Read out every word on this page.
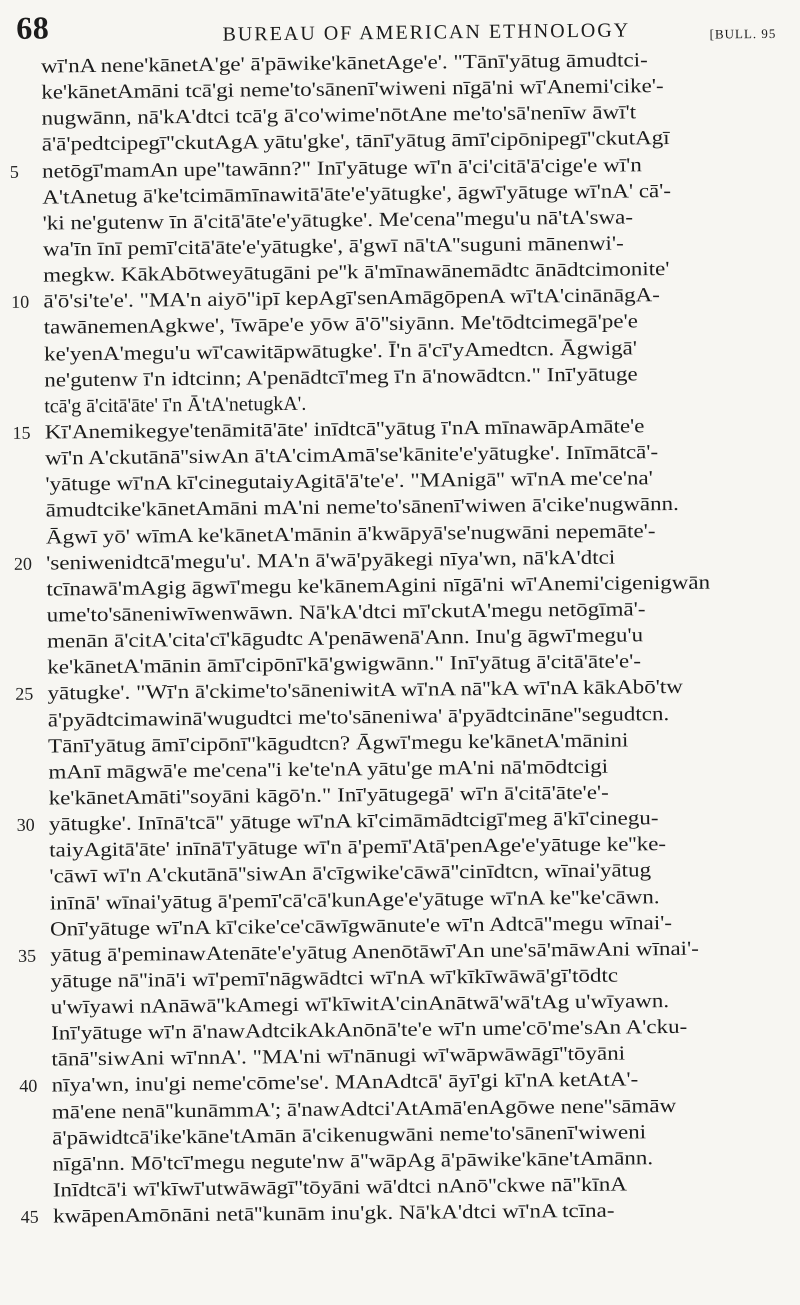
68	BUREAU OF AMERICAN ETHNOLOGY	[BULL. 95
wī'nA nene'kānetA'ge' ā'pāwike'kānetAge'e'. "Tānī'yātug āmudtci-
ke'kānetAmāni tcā'gi neme'to'sānenī'wiweni nīgā'ni wī'Anemi'cike'-
nugwānn, nā'kA'dtci tcā'g ā'co'wime'nōtAne me'to'sā'nenīw āwī't
ā'ā'pedtcipegī''ckutAgA yātu'gke', tānī'yātug āmī'cipōnipegī''ckutAgī
5 netōgī'mamAn upe''tawānn?" Inī'yātuge wī'n ā'ci'citā'ā'cige'e wī'n
A'tAnetug ā'ke'tcimāmīnawitā'āte'e'yātugke', āgwī'yātuge wī'nA' cā'-
'ki ne'gutenw īn ā'citā'āte'e'yātugke'. Me'cena''megu'u nā'tA'swa-
wa'īn īnī pemī'citā'āte'e'yātugke', ā'gwī nā'tA''suguni mānenwi'-
megkw. KākAbōtweyātugāni pe''k ā'mīnawānemādtc ānādtcimonite'
10 ā'ō'si'te'e'. "MA'n aiyō''ipī kepAgī'senAmāgōpenA wī'tA'cinānāgA-
tawānemenAgkwe', 'īwāpe'e yōw ā'ō''siyānn. Me'tōdtcimegā'pe'e
ke'yenA'megu'u wī'cawitāpwātugke'. Ī'n ā'cī'yAmedtcn. Āgwigā'
ne'gutenw ī'n idtcinn; A'penādtcī'meg ī'n ā'nowādtcn." Inī'yātuge
tcā'g ā'citā'āte' ī'n Ā'tA'netugkA'.
15 Kī'Anemikegye'tenāmitā'āte' inīdtcā''yātug ī'nA mīnawāpAmāte'e
wī'n A'ckutānā''siwAn ā'tA'cimAmā'se'kānite'e'yātugke'. Inīmātcā'-
'yātuge wī'nA kī'cinegutaiyAgitā'ā'te'e'. "MAnigā'' wī'nA me'ce'na'
āmudtcike'kānetAmāni mA'ni neme'to'sānenī'wiwen ā'cike'nugwānn.
Āgwī yō' wīmA ke'kānetA'mānin ā'kwāpyā'se'nugwāni nepemāte'-
20 'seniwenidtcā'megu'u'. MA'n ā'wā'pyākegi nīya'wn, nā'kA'dtci
tcīnawā'mAgig āgwī'megu ke'kānemAgini nīgā'ni wī'Anemi'cigenigwān
ume'to'sāneniwīwenwāwn. Nā'kA'dtci mī'ckutA'megu netōgīmā'-
menān ā'citA'cita'cī'kāgudtc A'penāwenā'Ann. Inu'g āgwī'megu'u
ke'kānetA'mānin āmī'cipōnī'kā'gwigwānn." Inī'yātug ā'citā'āte'e'-
25 yātugke'. "Wī'n ā'ckime'to'sāneniwitA wī'nA nā''kA wī'nA kākAbō'tw
ā'pyādtcimawinā'wugudtci me'to'sāneniwa' ā'pyādtcināne''segudtcn.
Tānī'yātug āmī'cipōnī''kāgudtcn? Āgwī'megu ke'kānetA'mānini
mAnī māgwā'e me'cena''i ke'te'nA yātu'ge mA'ni nā'mōdtcigi
ke'kānetAmāti''soyāni kāgō'n." Inī'yātugegā' wī'n ā'citā'āte'e'-
30 yātugke'. Inīnā'tcā'' yātuge wī'nA kī'cimāmādtcigī'meg ā'kī'cinegu-
taiyAgitā'āte' inīnā'ī'yātuge wī'n ā'pemī'Atā'penAge'e'yātuge ke''ke-
'cāwī wī'n A'ckutānā''siwAn ā'cīgwike'cāwā''cinīdtcn, wīnai'yātug
inīnā' wīnai'yātug ā'pemī'cā'cā'kunAge'e'yātuge wī'nA ke''ke'cāwn.
Onī'yātuge wī'nA kī'cike'ce'cāwīgwānute'e wī'n Adtcā''megu wīnai'-
35 yātug ā'peminawAtenāte'e'yātug Anenōtāwī'An une'sā'māwAni wīnai'-
yātuge nā''inā'i wī'pemī'nāgwādtci wī'nA wī'kīkīwāwā'gī'tōdtc
u'wīyawi nAnāwā''kAmegi wī'kīwitA'cinAnātwā'wā'tAg u'wīyawn.
Inī'yātuge wī'n ā'nawAdtcikAkAnōnā'te'e wī'n ume'cō'me'sAn A'cku-
tānā''siwAni wī'nnA'. "MA'ni wī'nānugi wī'wāpwāwāgī''tōyāni
40 nīya'wn, inu'gi neme'cōme'se'. MAnAdtcā' āyī'gi kī'nA ketAtA'-
mā'ene nenā''kunāmmA'; ā'nawAdtci'AtAmā'enAgōwe nene''sāmāw
ā'pāwidtcā'ike'kāne'tAmān ā'cikenugwāni neme'to'sānenī'wiweni
nīgā'nn. Mō'tcī'megu negute'nw ā''wāpAg ā'pāwike'kāne'tAmānn.
Inīdtcā'i wī'kīwī'utwāwāgī''tōyāni wā'dtci nAnō''ckwe nā''kīnA
45 kwāpenAmōnāni netā''kunām inu'gk. Nā'kA'dtci wī'nA tcīna-
